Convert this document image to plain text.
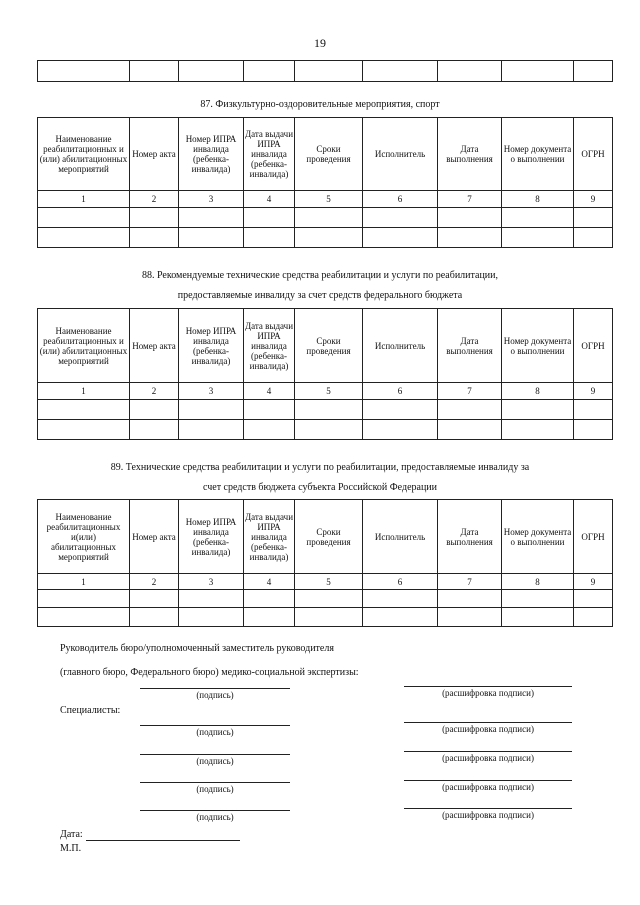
19

87. Физкультурно-оздоровительные мероприятия, спорт
Наименование реабилитационных и (или) абилитационных мероприятий	Номер акта	Номер ИПРА инвалида (ребенка-инвалида)	Дата выдачи ИПРА инвалида (ребенка-инвалида)	Сроки проведения	Исполнитель	Дата выполнения	Номер документа о выполнении	ОГРН
1	2	3	4	5	6	7	8	9

88. Рекомендуемые технические средства реабилитации и услуги по реабилитации,
предоставляемые инвалиду за счет средств федерального бюджета
Наименование реабилитационных и (или) абилитационных мероприятий	Номер акта	Номер ИПРА инвалида (ребенка-инвалида)	Дата выдачи ИПРА инвалида (ребенка-инвалида)	Сроки проведения	Исполнитель	Дата выполнения	Номер документа о выполнении	ОГРН
1	2	3	4	5	6	7	8	9

89. Технические средства реабилитации и услуги по реабилитации, предоставляемые инвалиду за
счет средств бюджета субъекта Российской Федерации
Наименование реабилитационных и(или) абилитационных мероприятий	Номер акта	Номер ИПРА инвалида (ребенка-инвалида)	Дата выдачи ИПРА инвалида (ребенка-инвалида)	Сроки проведения	Исполнитель	Дата выполнения	Номер документа о выполнении	ОГРН
1	2	3	4	5	6	7	8	9

Руководитель бюро/уполномоченный заместитель руководителя
(главного бюро, Федерального бюро) медико-социальной экспертизы:
(подпись)	(расшифровка подписи)
Специалисты:
(подпись)	(расшифровка подписи)
(подпись)	(расшифровка подписи)
(подпись)	(расшифровка подписи)
(подпись)	(расшифровка подписи)
Дата:
М.П.
